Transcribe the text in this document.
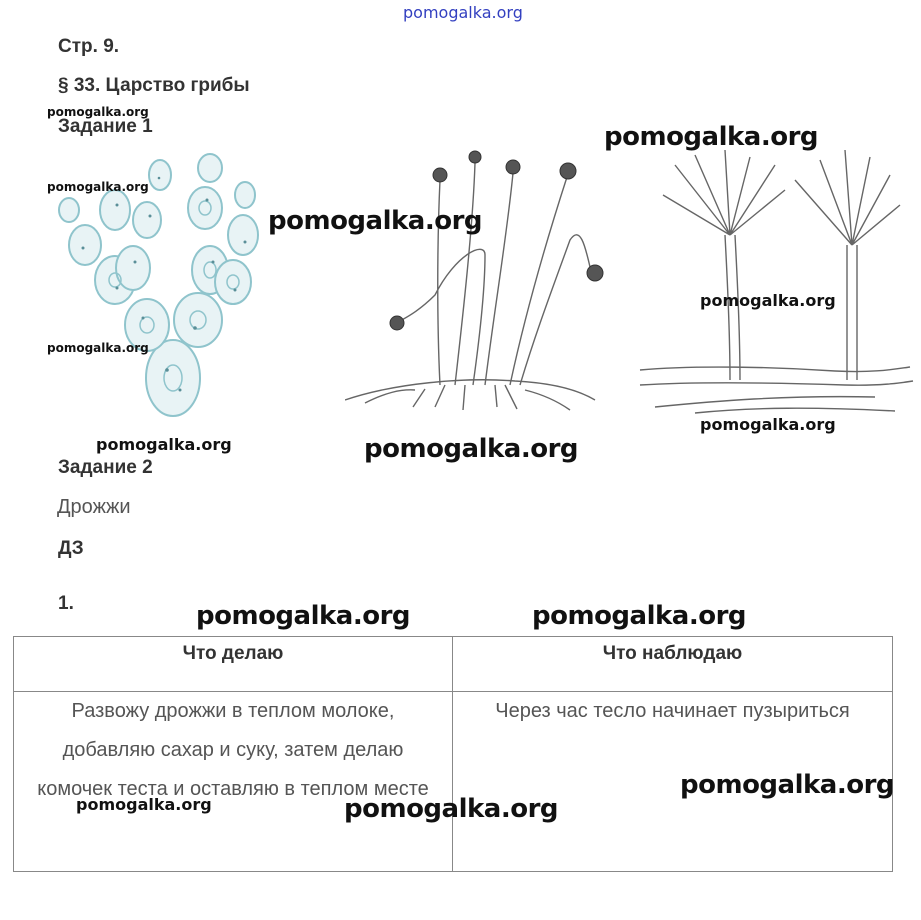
pomogalka.org
Стр. 9.
§ 33. Царство грибы
Задание 1
Задание 2
Дрожжи
ДЗ
1.
Что делаю	Что наблюдаю
Развожу дрожжи в теплом молоке, добавляю сахар и суку, затем делаю комочек теста и оставляю в теплом месте	Через час тесло начинает пузыриться
pomogalka.org
pomogalka.org
pomogalka.org
pomogalka.org
pomogalka.org
pomogalka.org
pomogalka.org
pomogalka.org	pomogalka.org
pomogalka.org	pomogalka.org
pomogalka.org
pomogalka.org	pomogalka.org
